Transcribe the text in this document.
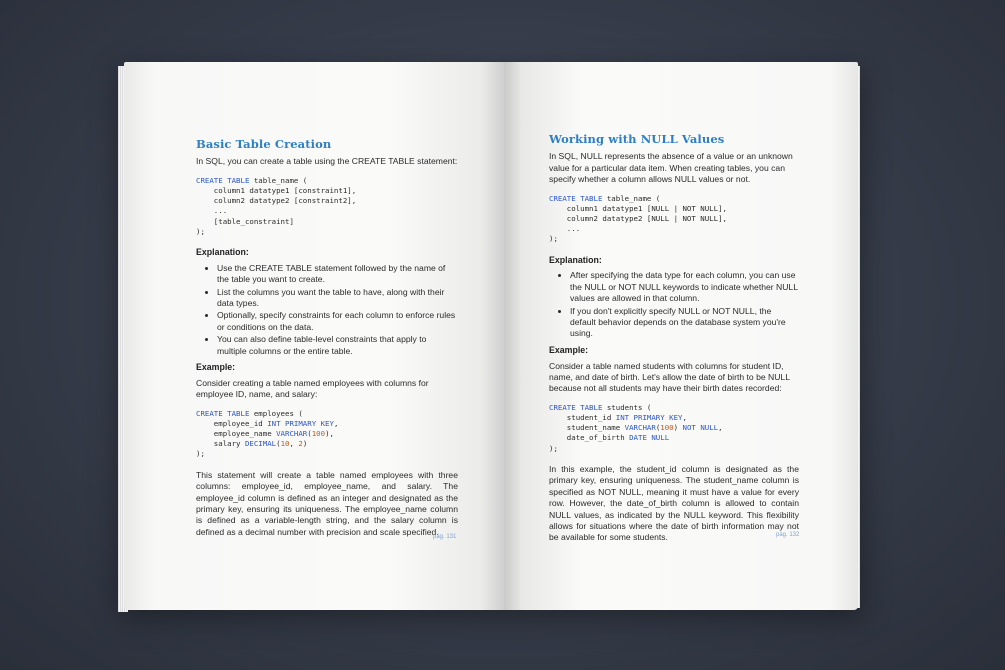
Basic Table Creation

In SQL, you can create a table using the CREATE TABLE statement:

CREATE TABLE table_name (
column1 datatype1 [constraint1],
column2 datatype2 [constraint2],
...
[table_constraint]
);
Explanation:
• Use the CREATE TABLE statement followed by the name of the table you want to create.
• List the columns you want the table to have, along with their data types.
• Optionally, specify constraints for each column to enforce rules or conditions on the data.
• You can also define table-level constraints that apply to multiple columns or the entire table.
Example:

Consider creating a table named employees with columns for employee ID, name, and salary:

CREATE TABLE employees (
employee_id INT PRIMARY KEY,
employee_name VARCHAR(100),
salary DECIMAL(10, 2)
);

This statement will create a table named employees with three columns: employee_id, employee_name, and salary. The employee_id column is defined as an integer and designated as the primary key, ensuring its uniqueness. The employee_name column is defined as a variable-length string, and the salary column is defined as a decimal number with precision and scale specified.

pág. 131
Working with NULL Values

In SQL, NULL represents the absence of a value or an unknown value for a particular data item. When creating tables, you can specify whether a column allows NULL values or not.

CREATE TABLE table_name (
column1 datatype1 [NULL | NOT NULL],
column2 datatype2 [NULL | NOT NULL],
...
);
Explanation:
• After specifying the data type for each column, you can use the NULL or NOT NULL keywords to indicate whether NULL values are allowed in that column.
• If you don't explicitly specify NULL or NOT NULL, the default behavior depends on the database system you're using.
Example:

Consider a table named students with columns for student ID, name, and date of birth. Let's allow the date of birth to be NULL because not all students may have their birth dates recorded:

CREATE TABLE students (
student_id INT PRIMARY KEY,
student_name VARCHAR(100) NOT NULL,
date_of_birth DATE NULL
);

In this example, the student_id column is designated as the primary key, ensuring uniqueness. The student_name column is specified as NOT NULL, meaning it must have a value for every row. However, the date_of_birth column is allowed to contain NULL values, as indicated by the NULL keyword. This flexibility allows for situations where the date of birth information may not be available for some students.	pág. 132
